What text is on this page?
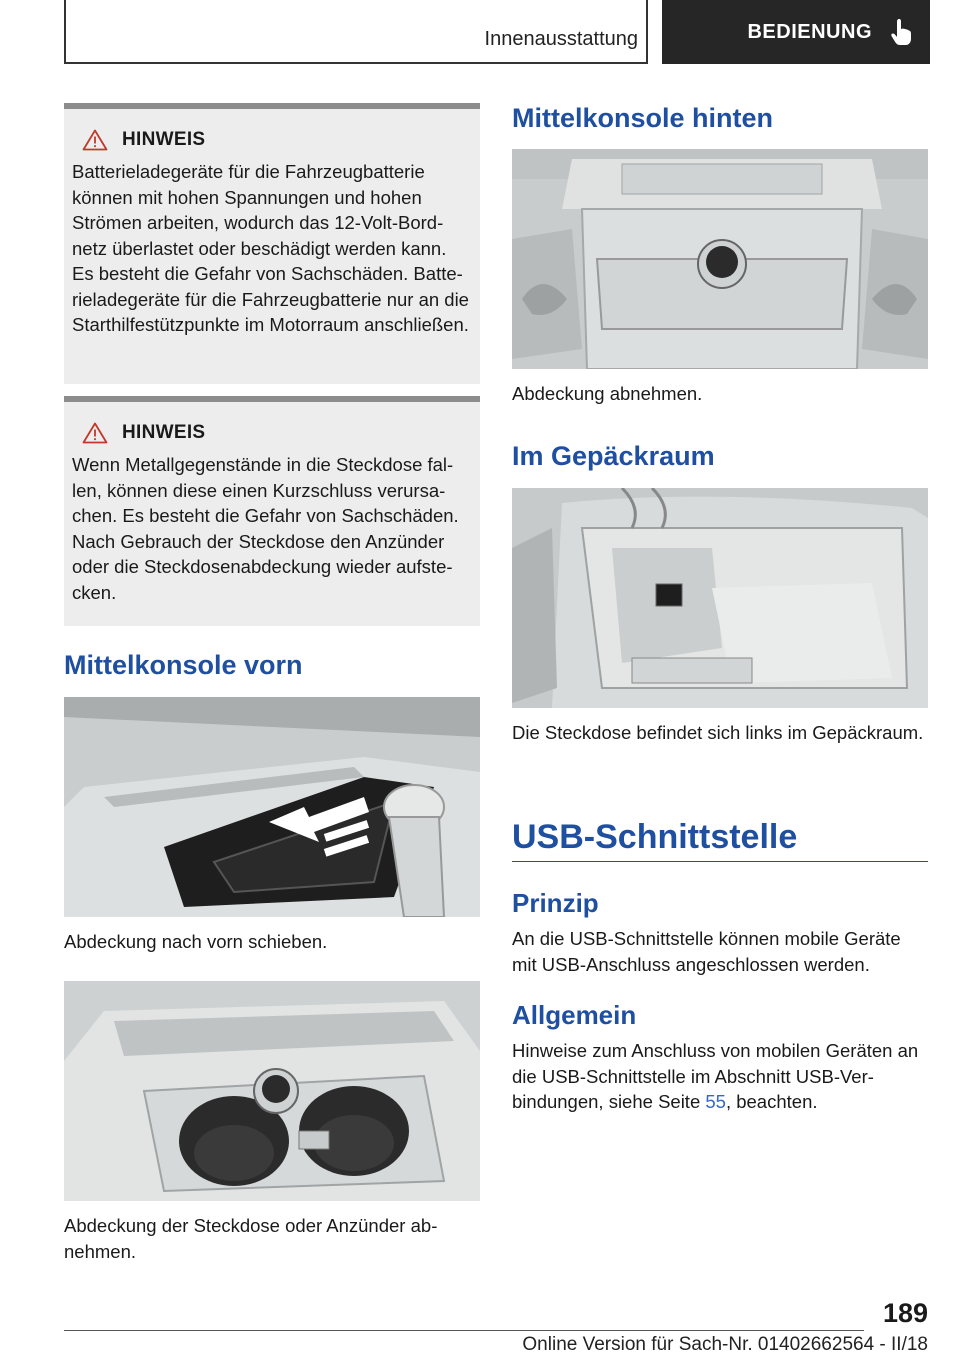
Innenausstattung	BEDIENUNG
HINWEIS

Batterieladegeräte für die Fahrzeugbatterie können mit hohen Spannungen und hohen Strömen arbeiten, wodurch das 12-Volt-Bordnetz überlastet oder beschädigt werden kann. Es besteht die Gefahr von Sachschäden. Batterieladegeräte für die Fahrzeugbatterie nur an die Starthilfestützpunkte im Motorraum anschließen.

HINWEIS

Wenn Metallgegenstände in die Steckdose fallen, können diese einen Kurzschluss verursachen. Es besteht die Gefahr von Sachschäden. Nach Gebrauch der Steckdose den Anzünder oder die Steckdosenabdeckung wieder aufstecken.

Mittelkonsole vorn

Abdeckung nach vorn schieben.

Abdeckung der Steckdose oder Anzünder abnehmen.

Mittelkonsole hinten

Abdeckung abnehmen.

Im Gepäckraum

Die Steckdose befindet sich links im Gepäckraum.

USB-Schnittstelle
Prinzip

An die USB-Schnittstelle können mobile Geräte mit USB-Anschluss angeschlossen werden.

Allgemein

Hinweise zum Anschluss von mobilen Geräten an die USB-Schnittstelle im Abschnitt USB-Verbindungen, siehe Seite 55, beachten.

189
Online Version für Sach-Nr. 01402662564 - II/18
